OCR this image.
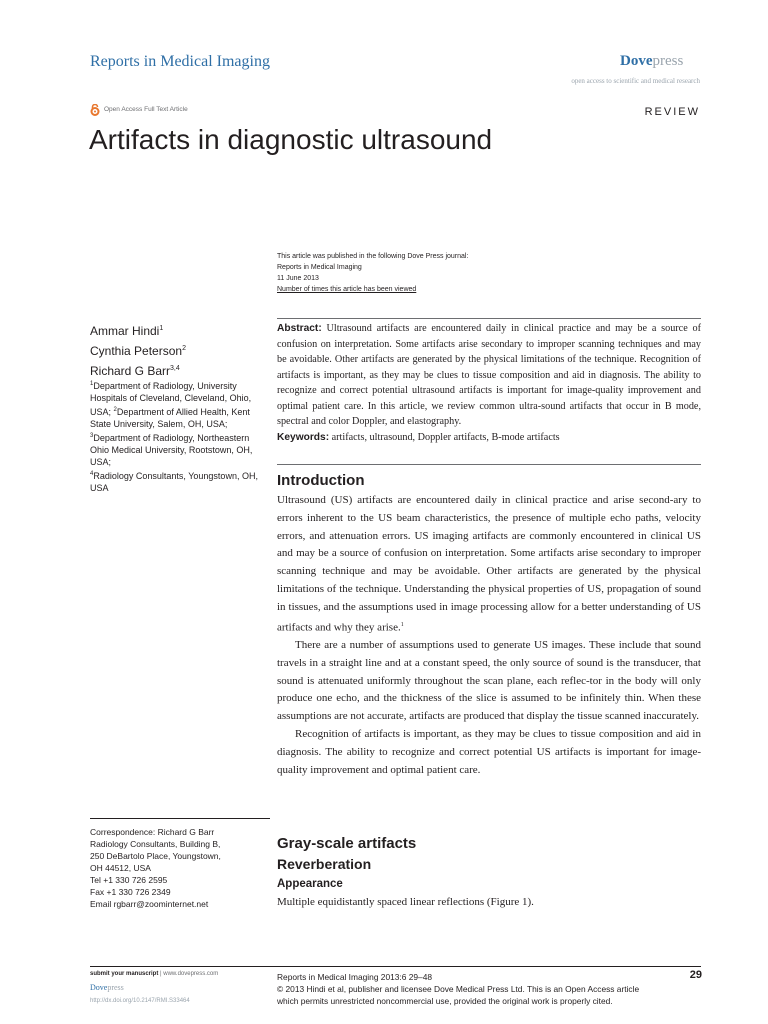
Reports in Medical Imaging	Dovepress
open access to scientific and medical research
Open Access Full Text Article	REVIEW
Artifacts in diagnostic ultrasound
This article was published in the following Dove Press journal:
Reports in Medical Imaging
11 June 2013
Number of times this article has been viewed
Ammar Hindi$^1$
Cynthia Peterson$^2$
Richard G Barr$^{3,4}$
$^1$Department of Radiology, University Hospitals of Cleveland, Cleveland, Ohio, USA; $^2$Department of Allied Health, Kent State University, Salem, OH, USA; $^3$Department of Radiology, Northeastern Ohio Medical University, Rootstown, OH, USA;
$^4$Radiology Consultants, Youngstown, OH, USA
Correspondence: Richard G Barr
Radiology Consultants, Building B,
250 DeBartolo Place, Youngstown,
OH 44512, USA
Tel +1 330 726 2595
Fax +1 330 726 2349
Email rgbarr@zoominternet.net
Abstract: Ultrasound artifacts are encountered daily in clinical practice and may be a source of confusion on interpretation. Some artifacts arise secondary to improper scanning techniques and may be avoidable. Other artifacts are generated by the physical limitations of the technique. Recognition of artifacts is important, as they may be clues to tissue composition and aid in diagnosis. The ability to recognize and correct potential ultrasound artifacts is important for image-quality improvement and optimal patient care. In this article, we review common ultra-sound artifacts that occur in B mode, spectral and color Doppler, and elastography.
Keywords: artifacts, ultrasound, Doppler artifacts, B-mode artifacts
Introduction

Ultrasound (US) artifacts are encountered daily in clinical practice and arise second-ary to errors inherent to the US beam characteristics, the presence of multiple echo paths, velocity errors, and attenuation errors. US imaging artifacts are commonly encountered in clinical US and may be a source of confusion on interpretation. Some artifacts arise secondary to improper scanning technique and may be avoidable. Other artifacts are generated by the physical limitations of the technique. Understanding the physical properties of US, propagation of sound in tissues, and the assumptions used in image processing allow for a better understanding of US artifacts and why they arise.$^1$

There are a number of assumptions used to generate US images. These include that sound travels in a straight line and at a constant speed, the only source of sound is the transducer, that sound is attenuated uniformly throughout the scan plane, each reflec-tor in the body will only produce one echo, and the thickness of the slice is assumed to be infinitely thin. When these assumptions are not accurate, artifacts are produced that display the tissue scanned inaccurately.

Recognition of artifacts is important, as they may be clues to tissue composition and aid in diagnosis. The ability to recognize and correct potential US artifacts is important for image-quality improvement and optimal patient care.

Gray-scale artifacts
Reverberation
Appearance
Multiple equidistantly spaced linear reflections (Figure 1).
submit your manuscript | www.dovepress.com
Dovepress
http://dx.doi.org/10.2147/RMI.S33464
Reports in Medical Imaging 2013:6 29–48
© 2013 Hindi et al, publisher and licensee Dove Medical Press Ltd. This is an Open Access article
which permits unrestricted noncommercial use, provided the original work is properly cited.
29
